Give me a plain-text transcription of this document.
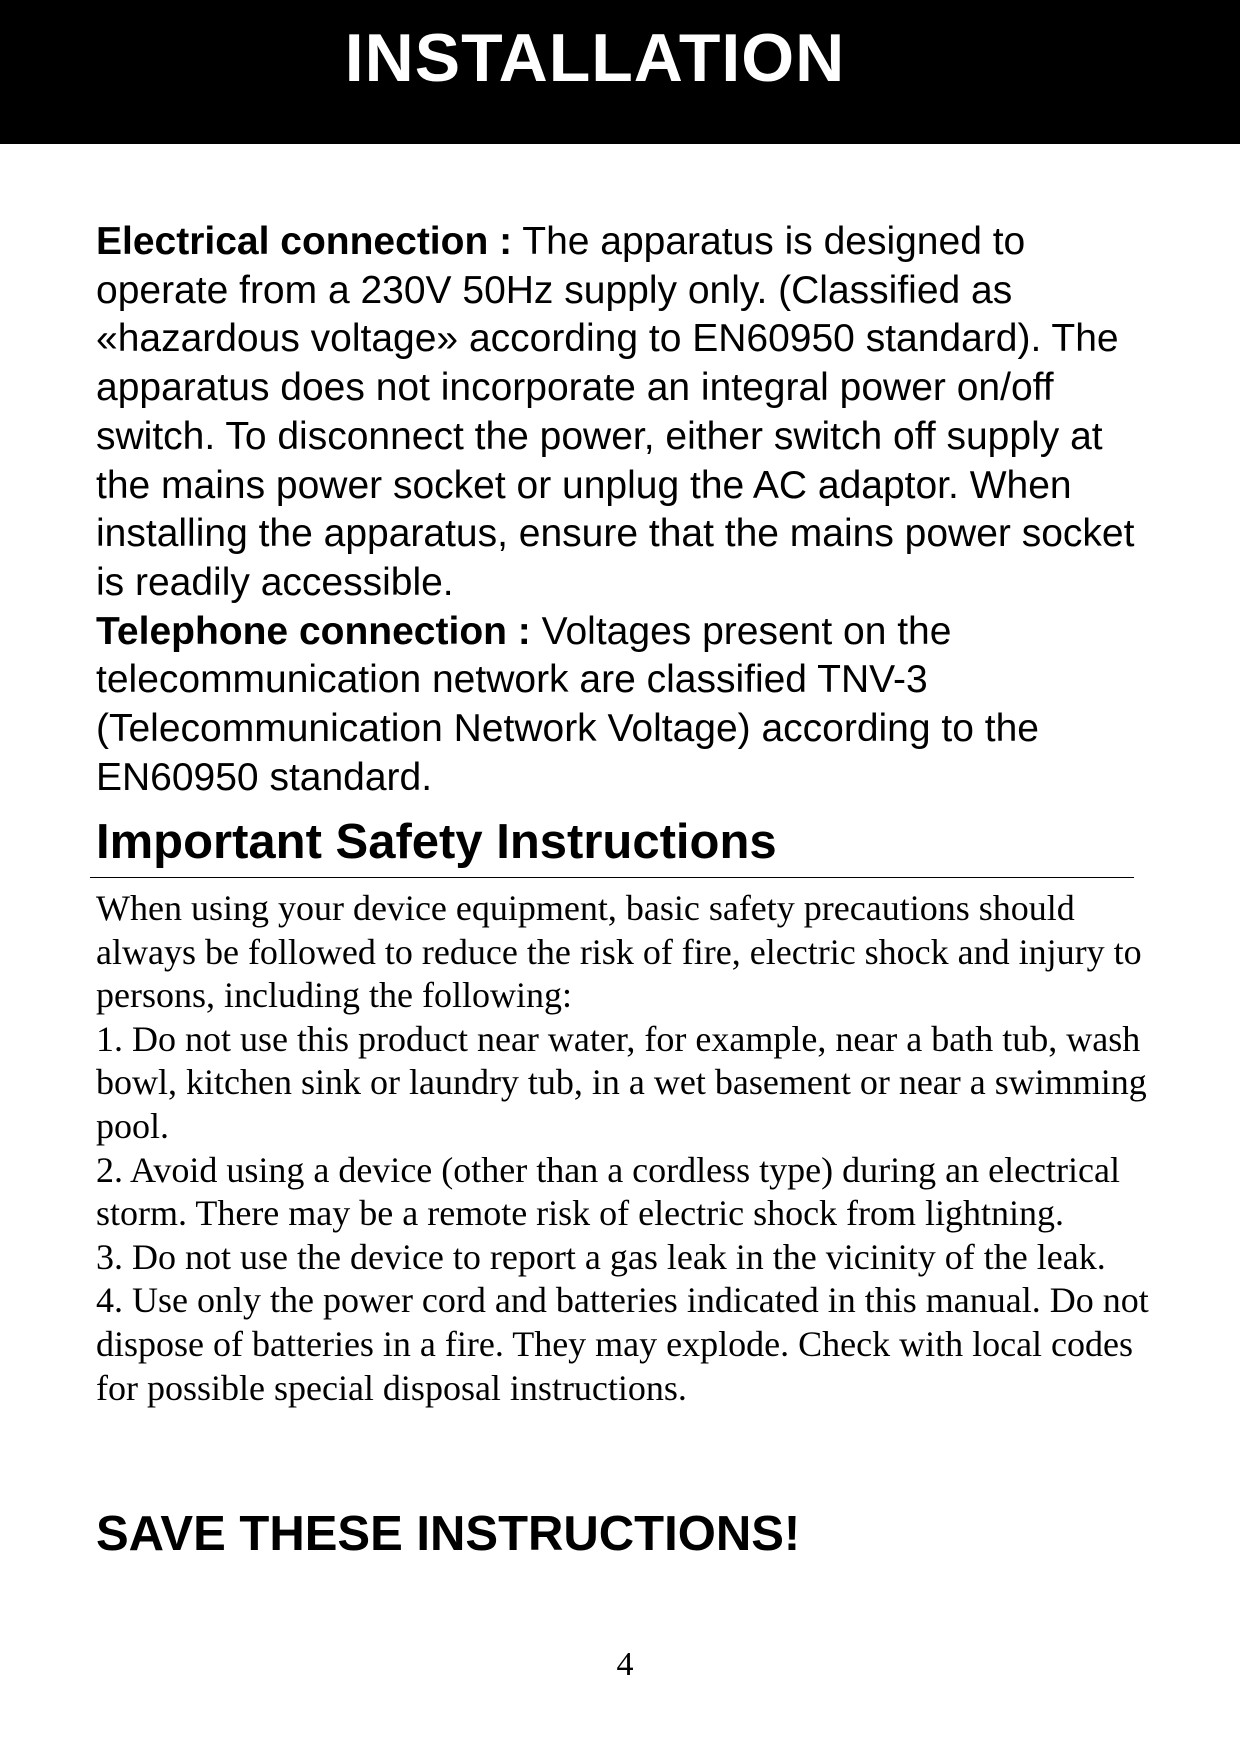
INSTALLATION

Electrical connection : The apparatus is designed to operate from a 230V 50Hz supply only. (Classified as «hazardous voltage» according to EN60950 standard). The apparatus does not incorporate an integral power on/off switch. To disconnect the power, either switch off supply at the mains power socket or unplug the AC adaptor. When installing the apparatus, ensure that the mains power socket is readily accessible.

Telephone connection : Voltages present on the telecommunication network are classified TNV-3 (Telecommunication Network Voltage) according to the EN60950 standard.

Important Safety Instructions

When using your device equipment, basic safety precautions should always be followed to reduce the risk of fire, electric shock and injury to persons, including the following:

1. Do not use this product near water, for example, near a bath tub, wash bowl, kitchen sink or laundry tub, in a wet basement or near a swimming pool.

2. Avoid using a device (other than a cordless type) during an electrical storm. There may be a remote risk of electric shock from lightning.

3. Do not use the device to report a gas leak in the vicinity of the leak.

4. Use only the power cord and batteries indicated in this manual. Do not dispose of batteries in a fire. They may explode. Check with local codes for possible special disposal instructions.

SAVE THESE INSTRUCTIONS!
4
